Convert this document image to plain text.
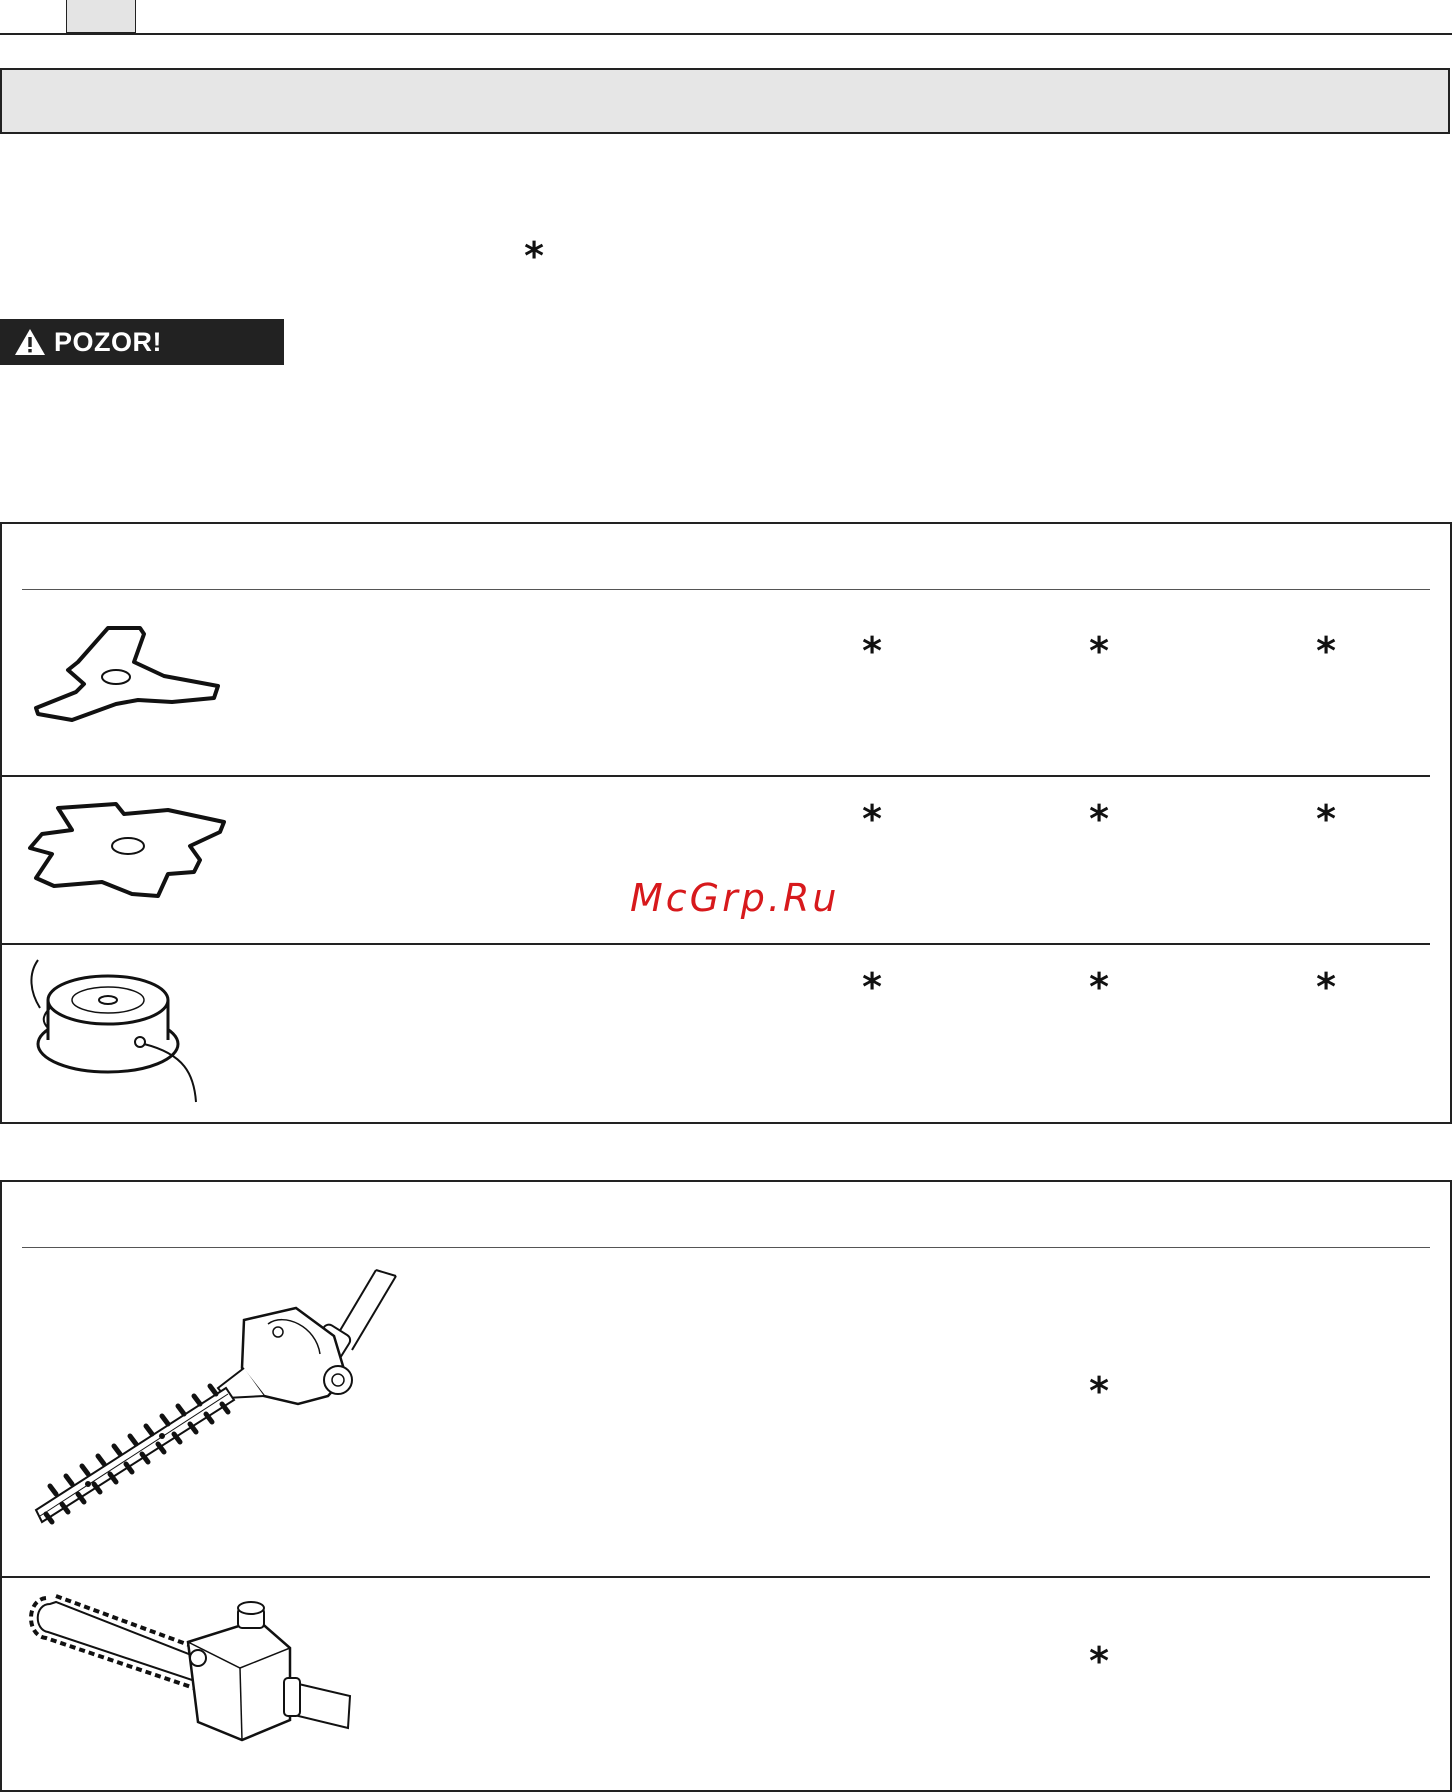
*
POZOR!
*	*	*
*	*	*
McGrp.Ru
*	*	*
*
*
